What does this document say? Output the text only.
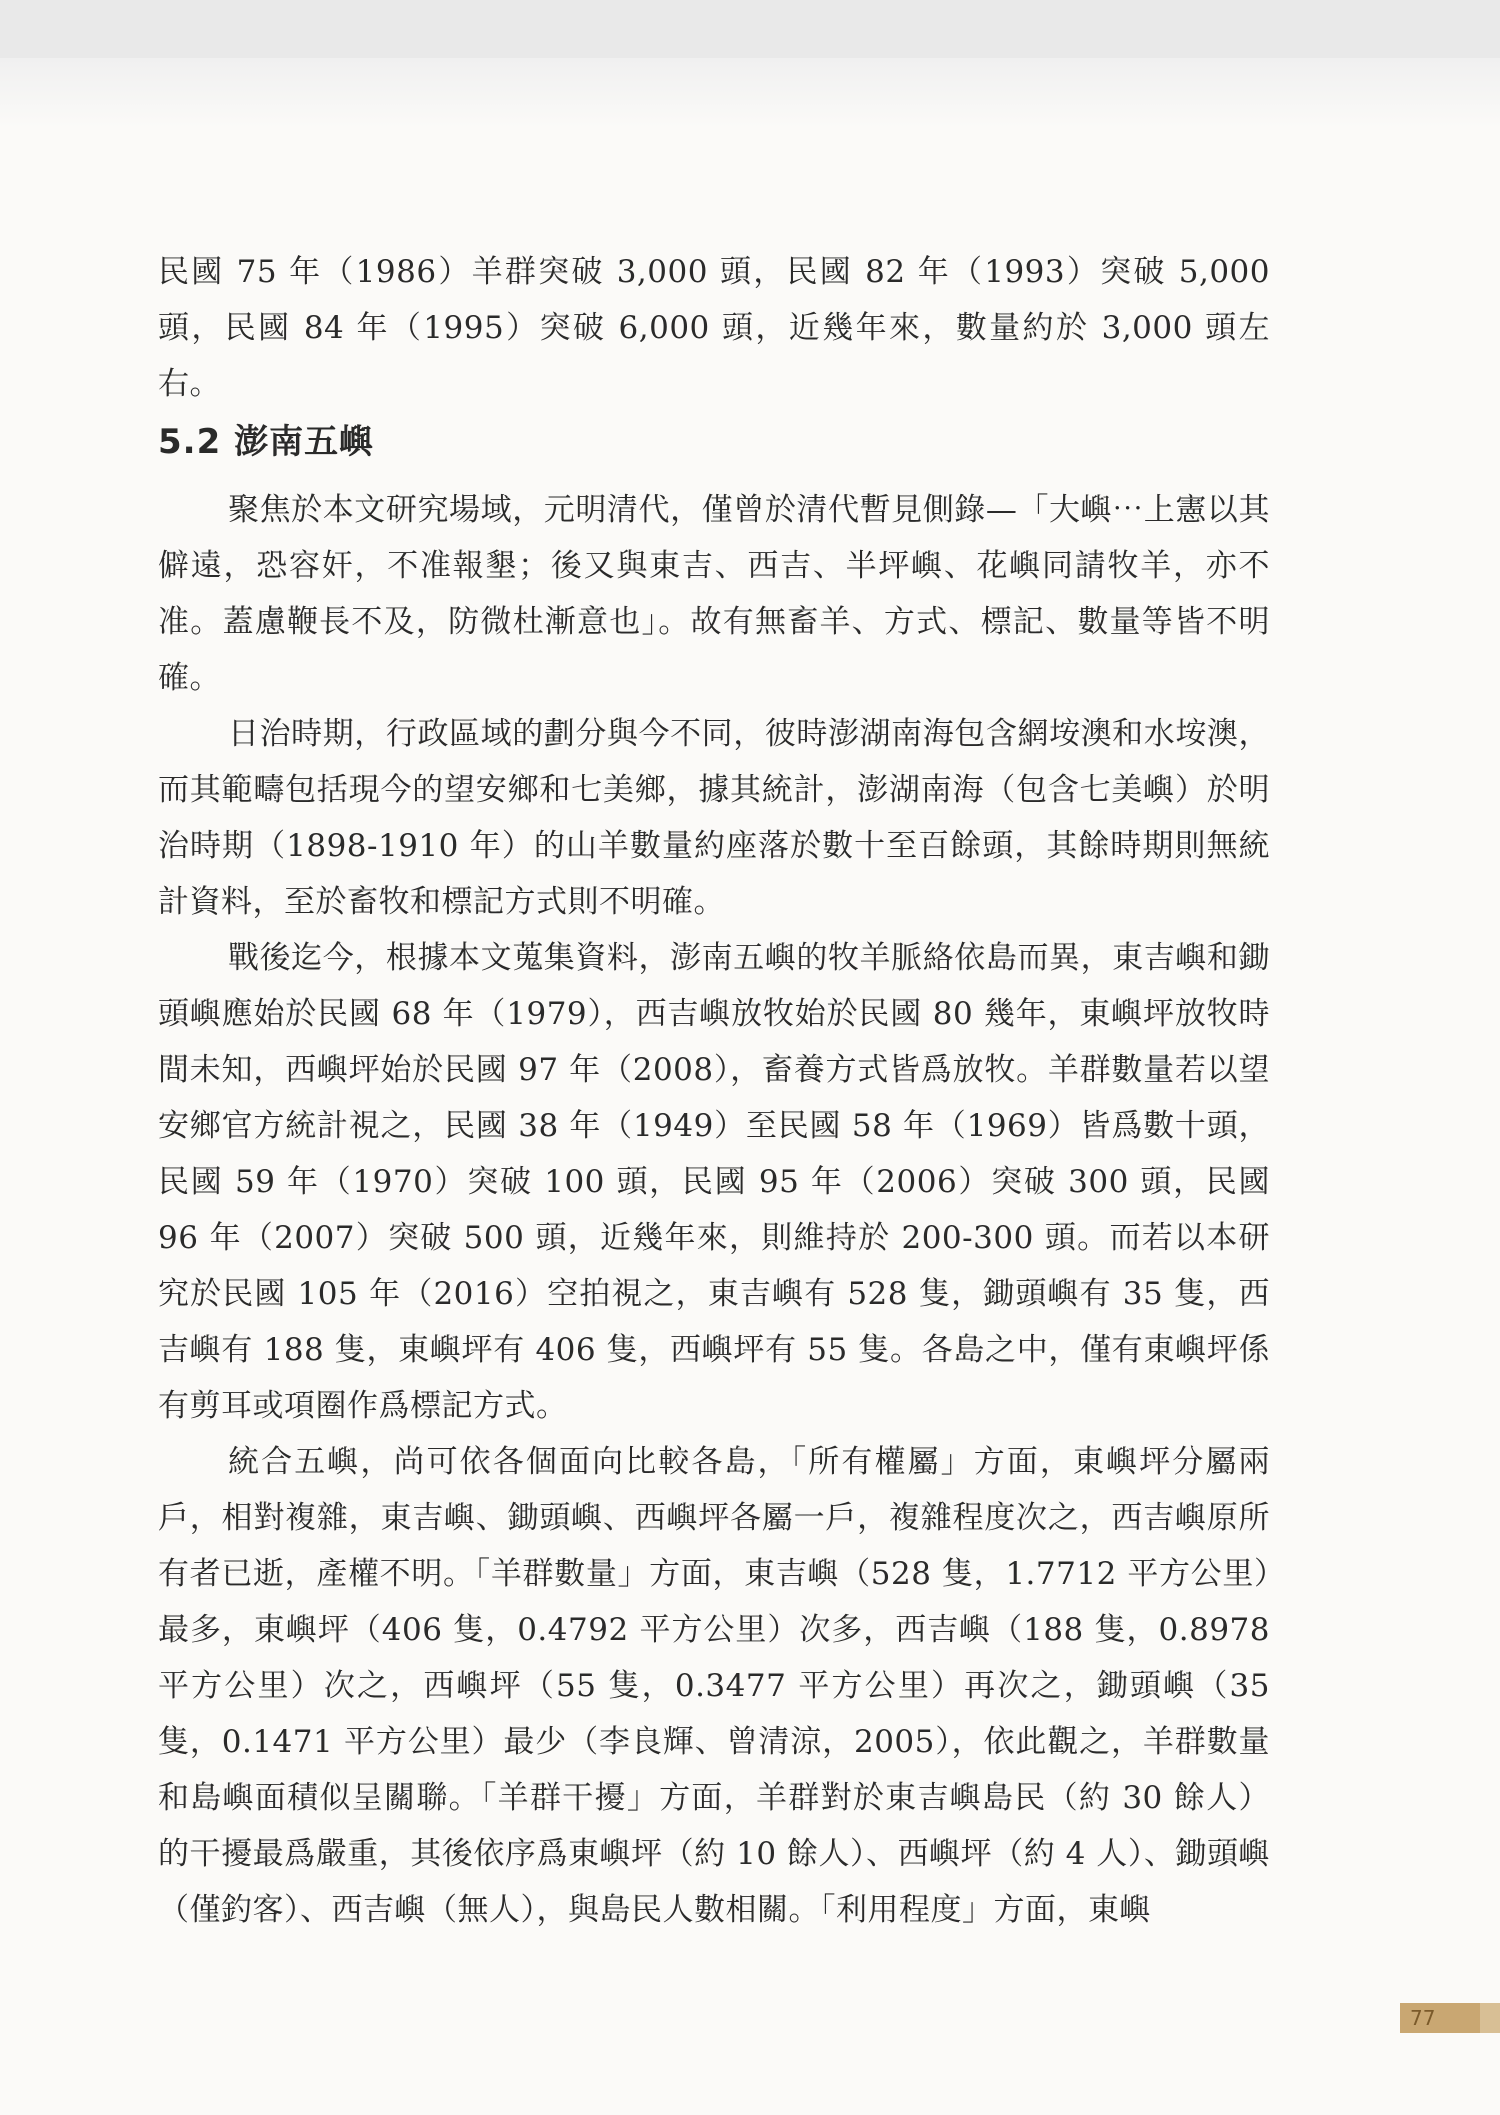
民國 75 年（1986）羊群突破 3,000 頭，民國 82 年（1993）突破 5,000 頭，民國 84 年（1995）突破 6,000 頭，近幾年來，數量約於 3,000 頭左右。

5.2 澎南五嶼

聚焦於本文研究場域，元明清代，僅曾於清代暫見側錄—「大嶼⋯上憲以其僻遠，恐容奸，不准報墾；後又與東吉、西吉、半坪嶼、花嶼同請牧羊，亦不准。蓋慮鞭長不及，防微杜漸意也」。故有無畜羊、方式、標記、數量等皆不明確。

日治時期，行政區域的劃分與今不同，彼時澎湖南海包含網垵澳和水垵澳，而其範疇包括現今的望安鄉和七美鄉，據其統計，澎湖南海（包含七美嶼）於明治時期（1898-1910 年）的山羊數量約座落於數十至百餘頭，其餘時期則無統計資料，至於畜牧和標記方式則不明確。

戰後迄今，根據本文蒐集資料，澎南五嶼的牧羊脈絡依島而異，東吉嶼和鋤頭嶼應始於民國 68 年（1979），西吉嶼放牧始於民國 80 幾年，東嶼坪放牧時間未知，西嶼坪始於民國 97 年（2008），畜養方式皆爲放牧。羊群數量若以望安鄉官方統計視之，民國 38 年（1949）至民國 58 年（1969）皆爲數十頭，民國 59 年（1970）突破 100 頭，民國 95 年（2006）突破 300 頭，民國 96 年（2007）突破 500 頭，近幾年來，則維持於 200-300 頭。而若以本研究於民國 105 年（2016）空拍視之，東吉嶼有 528 隻，鋤頭嶼有 35 隻，西吉嶼有 188 隻，東嶼坪有 406 隻，西嶼坪有 55 隻。各島之中，僅有東嶼坪係有剪耳或項圈作爲標記方式。

統合五嶼，尚可依各個面向比較各島，「所有權屬」方面，東嶼坪分屬兩戶，相對複雜，東吉嶼、鋤頭嶼、西嶼坪各屬一戶，複雜程度次之，西吉嶼原所有者已逝，產權不明。「羊群數量」方面，東吉嶼（528 隻，1.7712 平方公里）最多，東嶼坪（406 隻，0.4792 平方公里）次多，西吉嶼（188 隻，0.8978 平方公里）次之，西嶼坪（55 隻，0.3477 平方公里）再次之，鋤頭嶼（35 隻，0.1471 平方公里）最少（李良輝、曾清涼，2005），依此觀之，羊群數量和島嶼面積似呈關聯。「羊群干擾」方面，羊群對於東吉嶼島民（約 30 餘人）的干擾最爲嚴重，其後依序爲東嶼坪（約 10 餘人）、西嶼坪（約 4 人）、鋤頭嶼（僅釣客）、西吉嶼（無人），與島民人數相關。「利用程度」方面，東嶼

77
